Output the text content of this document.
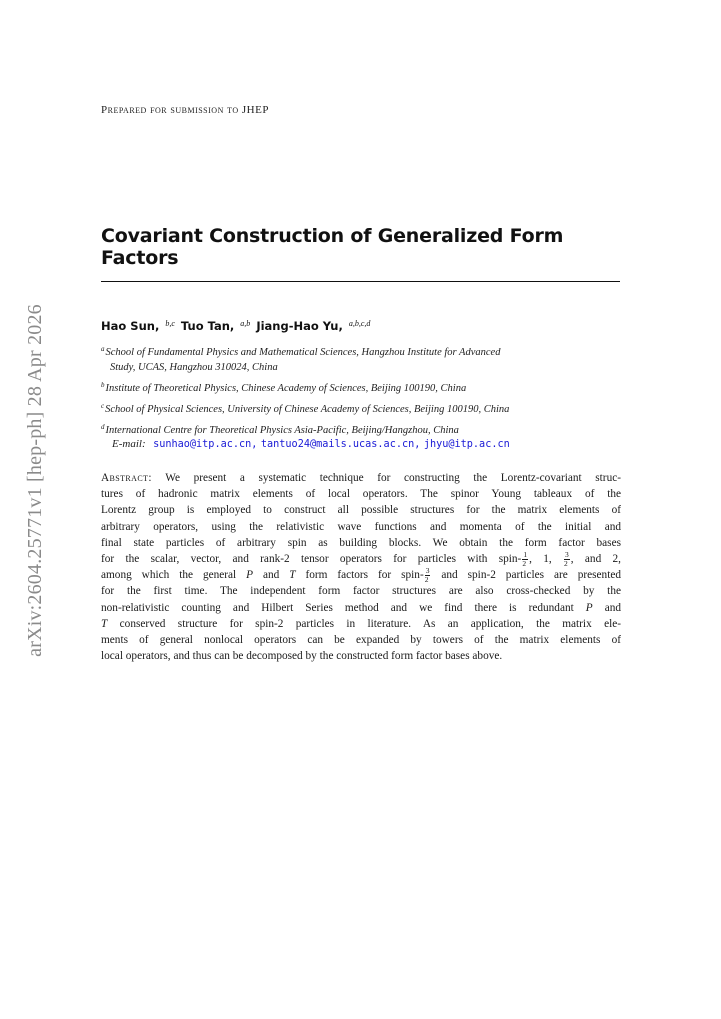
arXiv:2604.25771v1 [hep-ph] 28 Apr 2026
Prepared for submission to JHEP
Covariant Construction of Generalized Form Factors
Hao Sun, $^{b,c}$ Tuo Tan, $^{a,b}$ Jiang-Hao Yu, $^{a,b,c,d}$
$^a$School of Fundamental Physics and Mathematical Sciences, Hangzhou Institute for Advanced
Study, UCAS, Hangzhou 310024, China
$^b$Institute of Theoretical Physics, Chinese Academy of Sciences, Beijing 100190, China
$^c$School of Physical Sciences, University of Chinese Academy of Sciences, Beijing 100190, China
$^d$International Centre for Theoretical Physics Asia-Pacific, Beijing/Hangzhou, China
E-mail: sunhao@itp.ac.cn, tantuo24@mails.ucas.ac.cn, jhyu@itp.ac.cn
Abstract: We present a systematic technique for constructing the Lorentz-covariant struc-
tures of hadronic matrix elements of local operators. The spinor Young tableaux of the
Lorentz group is employed to construct all possible structures for the matrix elements of
arbitrary operators, using the relativistic wave functions and momenta of the initial and
final state particles of arbitrary spin as building blocks. We obtain the form factor bases
for the scalar, vector, and rank-2 tensor operators for particles with spin- $\frac{1}{2}$ , 1, $\frac{3}{2}$ , and 2,
among which the general P and T form factors for spin- $\frac{3}{2}$ and spin-2 particles are presented
for the first time. The independent form factor structures are also cross-checked by the
non-relativistic counting and Hilbert Series method and we find there is redundant P and
T conserved structure for spin-2 particles in literature. As an application, the matrix ele-
ments of general nonlocal operators can be expanded by towers of the matrix elements of
local operators, and thus can be decomposed by the constructed form factor bases above.
